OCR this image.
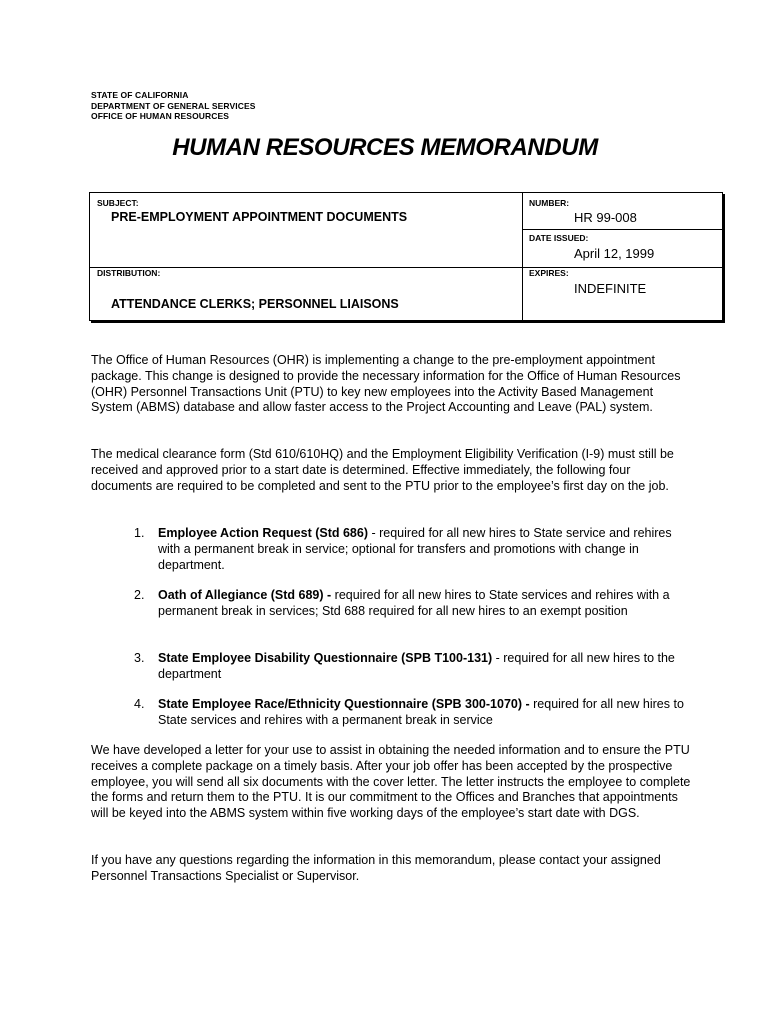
STATE OF CALIFORNIA
DEPARTMENT OF GENERAL SERVICES
OFFICE OF HUMAN RESOURCES
HUMAN RESOURCES MEMORANDUM
SUBJECT:
PRE-EMPLOYMENT APPOINTMENT DOCUMENTS
NUMBER:
HR 99-008
DATE ISSUED:
April 12, 1999
DISTRIBUTION:
ATTENDANCE CLERKS; PERSONNEL LIAISONS
EXPIRES:
INDEFINITE

The Office of Human Resources (OHR) is implementing a change to the pre-employment appointment package. This change is designed to provide the necessary information for the Office of Human Resources (OHR) Personnel Transactions Unit (PTU) to key new employees into the Activity Based Management System (ABMS) database and allow faster access to the Project Accounting and Leave (PAL) system.

The medical clearance form (Std 610/610HQ) and the Employment Eligibility Verification (I-9) must still be received and approved prior to a start date is determined. Effective immediately, the following four documents are required to be completed and sent to the PTU prior to the employee’s first day on the job.

1. Employee Action Request (Std 686) - required for all new hires to State service and rehires with a permanent break in service; optional for transfers and promotions with change in department.
2. Oath of Allegiance (Std 689) - required for all new hires to State services and rehires with a permanent break in services; Std 688 required for all new hires to an exempt position
3. State Employee Disability Questionnaire (SPB T100-131) - required for all new hires to the department
4. State Employee Race/Ethnicity Questionnaire (SPB 300-1070) - required for all new hires to State services and rehires with a permanent break in service

We have developed a letter for your use to assist in obtaining the needed information and to ensure the PTU receives a complete package on a timely basis. After your job offer has been accepted by the prospective employee, you will send all six documents with the cover letter. The letter instructs the employee to complete the forms and return them to the PTU. It is our commitment to the Offices and Branches that appointments will be keyed into the ABMS system within five working days of the employee’s start date with DGS.

If you have any questions regarding the information in this memorandum, please contact your assigned Personnel Transactions Specialist or Supervisor.
